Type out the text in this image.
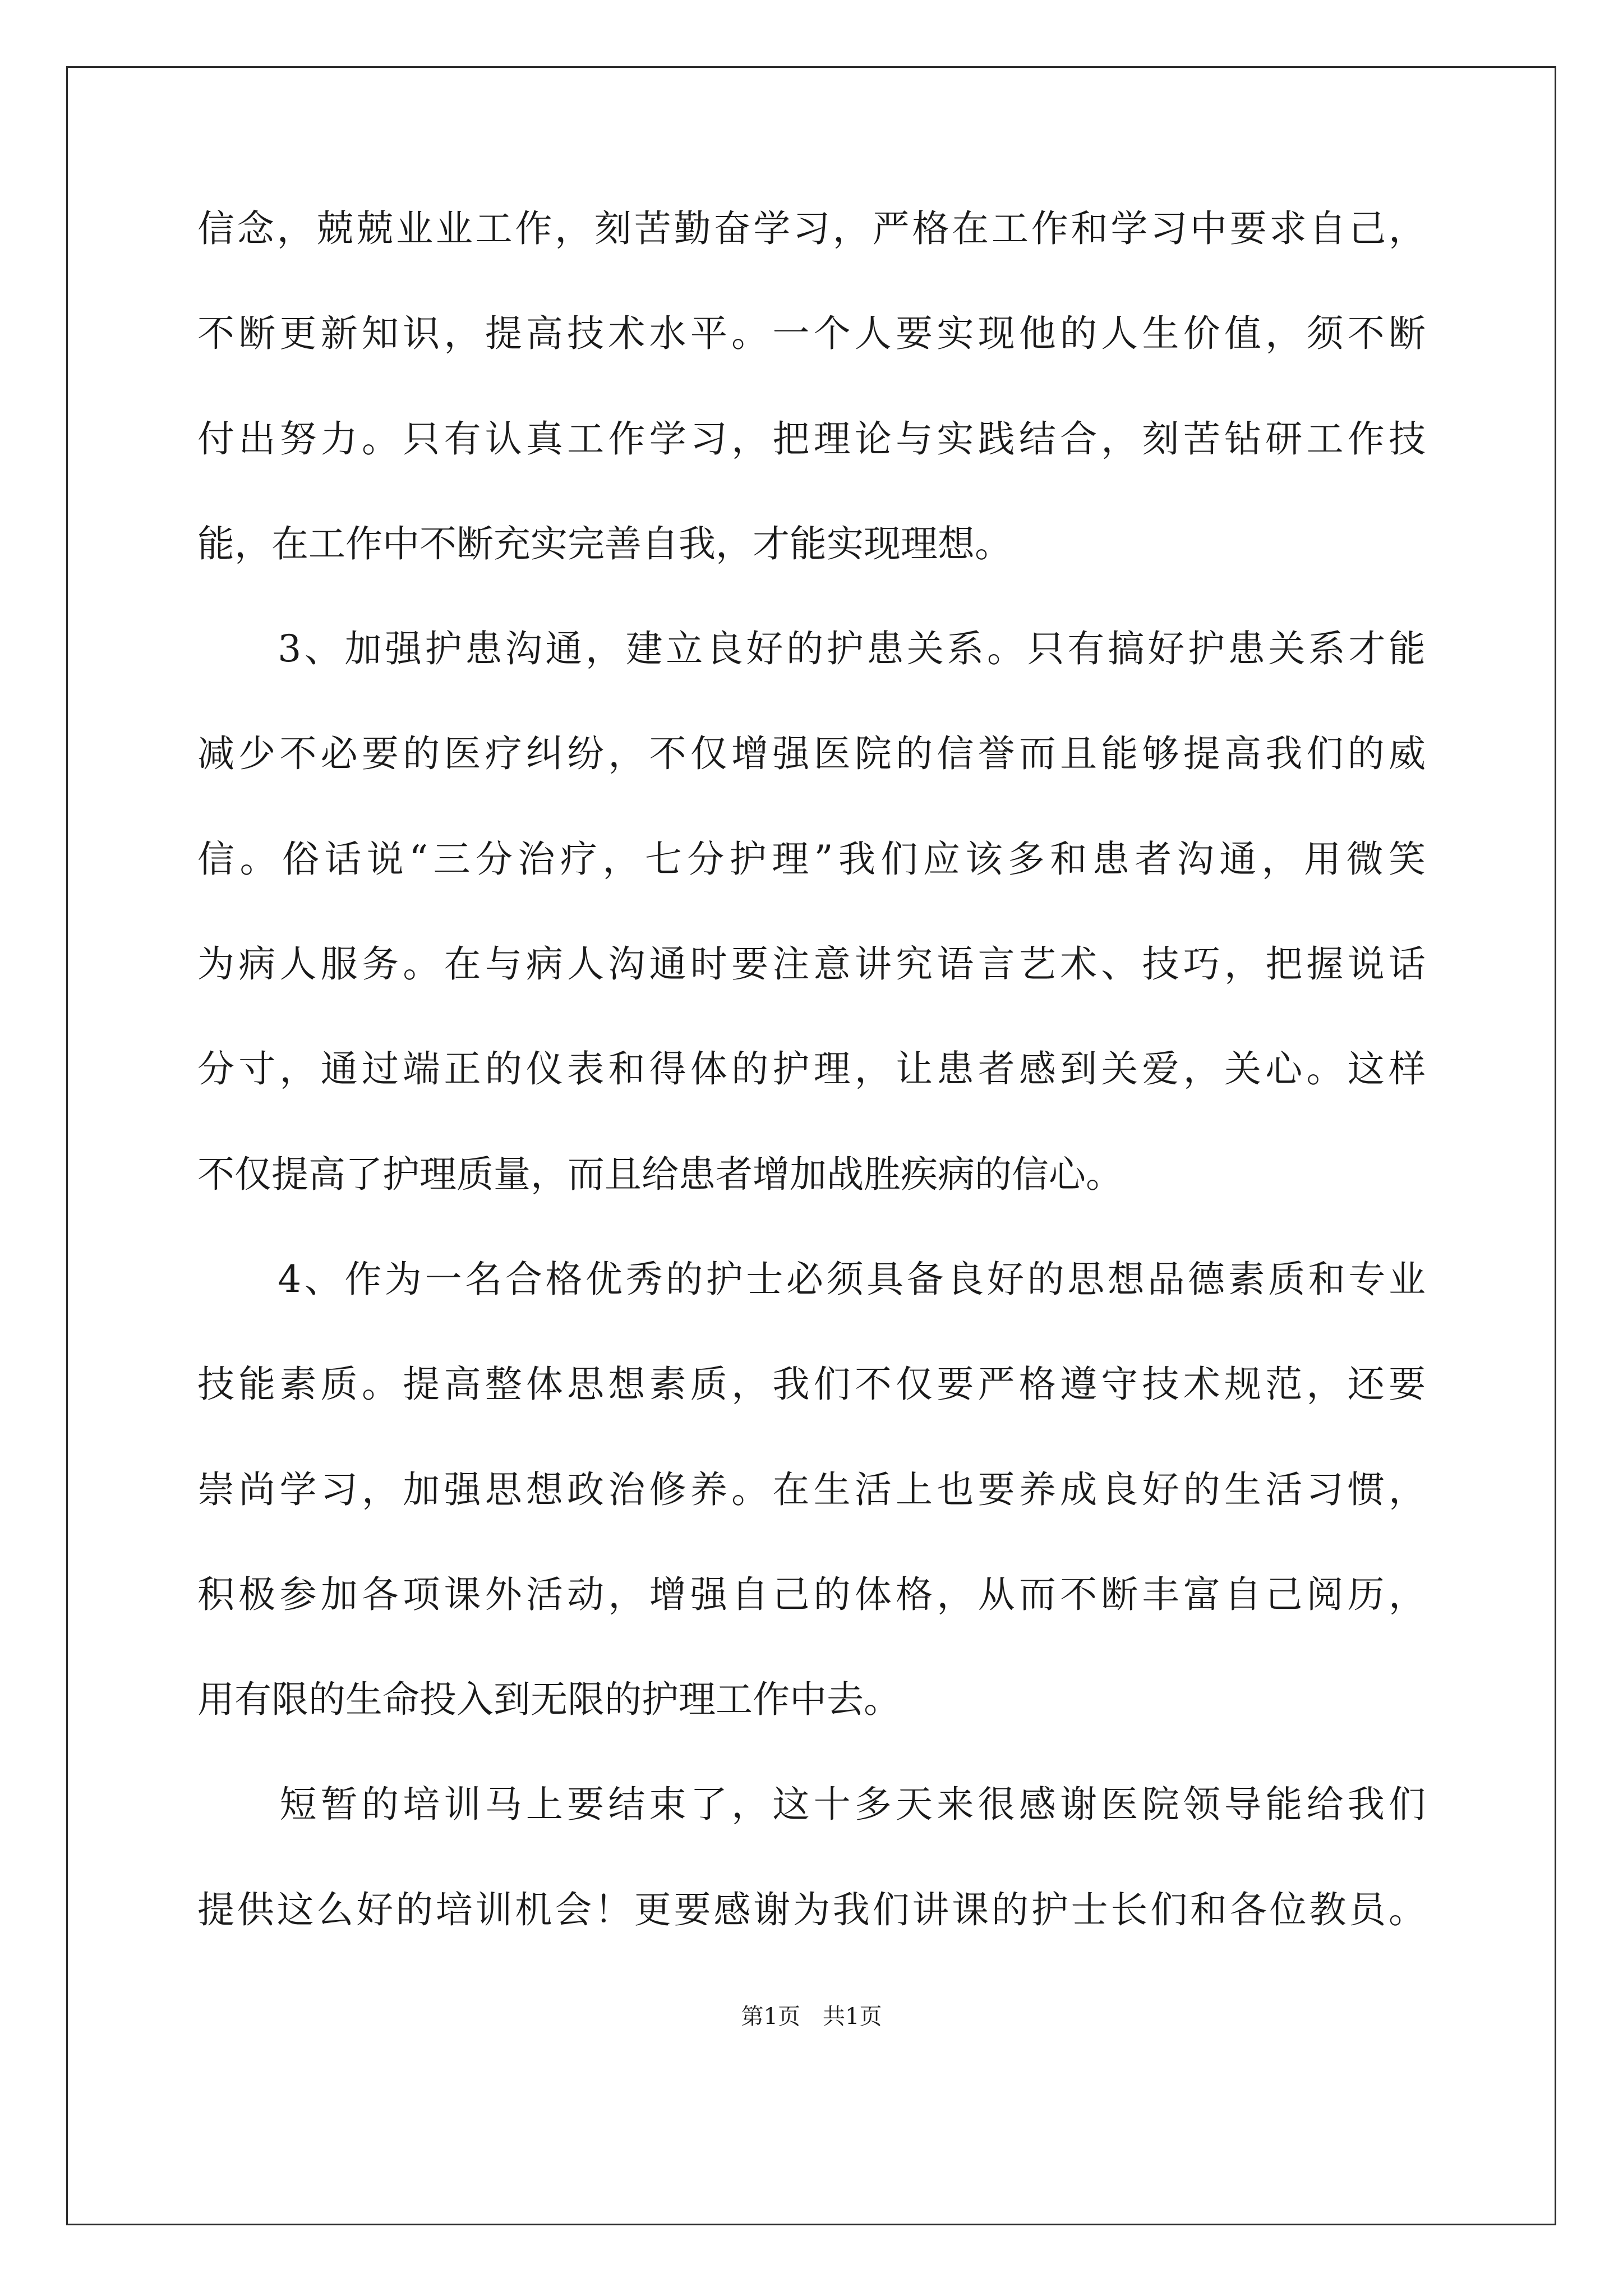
信念，兢兢业业工作，刻苦勤奋学习，严格在工作和学习中要求自己，
不断更新知识，提高技术水平。一个人要实现他的人生价值，须不断
付出努力。只有认真工作学习，把理论与实践结合，刻苦钻研工作技
能，在工作中不断充实完善自我，才能实现理想。
　　3、加强护患沟通，建立良好的护患关系。只有搞好护患关系才能
减少不必要的医疗纠纷，不仅增强医院的信誉而且能够提高我们的威
信。俗话说“三分治疗，七分护理”我们应该多和患者沟通，用微笑
为病人服务。在与病人沟通时要注意讲究语言艺术、技巧，把握说话
分寸，通过端正的仪表和得体的护理，让患者感到关爱，关心。这样
不仅提高了护理质量，而且给患者增加战胜疾病的信心。
　　4、作为一名合格优秀的护士必须具备良好的思想品德素质和专业
技能素质。提高整体思想素质，我们不仅要严格遵守技术规范，还要
崇尚学习，加强思想政治修养。在生活上也要养成良好的生活习惯，
积极参加各项课外活动，增强自己的体格，从而不断丰富自己阅历，
用有限的生命投入到无限的护理工作中去。
　　短暂的培训马上要结束了，这十多天来很感谢医院领导能给我们
提供这么好的培训机会！更要感谢为我们讲课的护士长们和各位教员。
第1页　共1页
